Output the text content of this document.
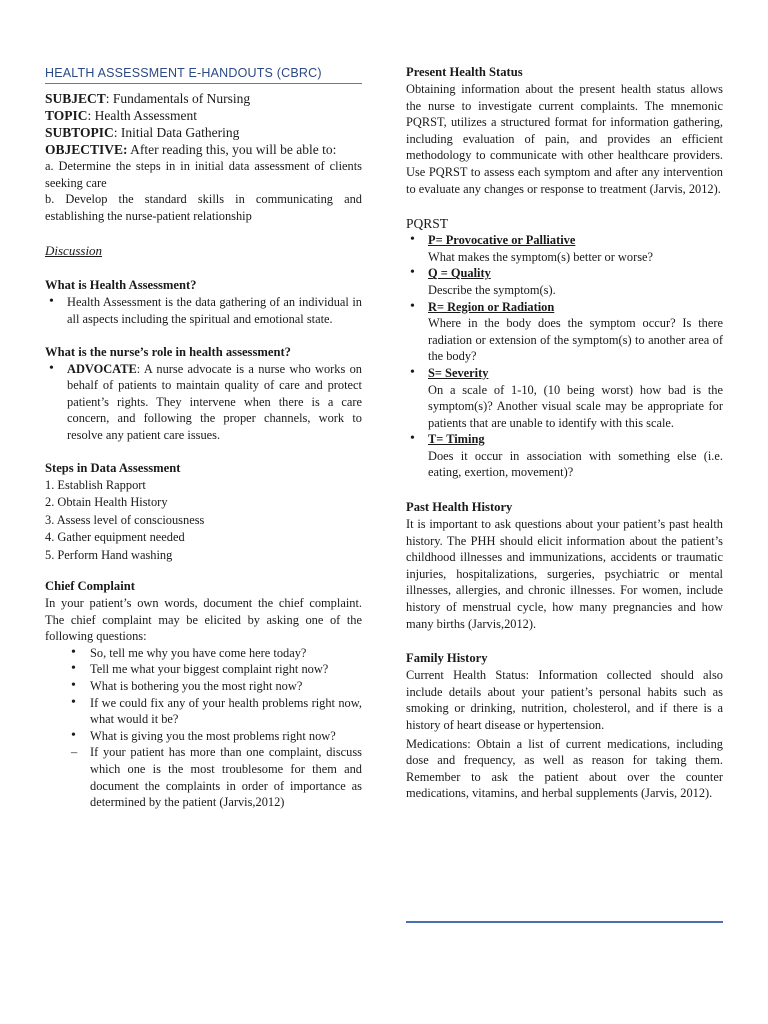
HEALTH ASSESSMENT E-HANDOUTS (CBRC)
SUBJECT: Fundamentals of Nursing
TOPIC: Health Assessment
SUBTOPIC: Initial Data Gathering
OBJECTIVE: After reading this, you will be able to:

a. Determine the steps in in initial data assessment of clients seeking care

b. Develop the standard skills in communicating and establishing the nurse-patient relationship

Discussion
What is Health Assessment?
• Health Assessment is the data gathering of an individual in all aspects including the spiritual and emotional state.
What is the nurse’s role in health assessment?
• ADVOCATE: A nurse advocate is a nurse who works on behalf of patients to maintain quality of care and protect patient’s rights. They intervene when there is a care concern, and following the proper channels, work to resolve any patient care issues.
Steps in Data Assessment
1. Establish Rapport
2. Obtain Health History
3. Assess level of consciousness
4. Gather equipment needed
5. Perform Hand washing
Chief Complaint

In your patient’s own words, document the chief complaint. The chief complaint may be elicited by asking one of the following questions:

• So, tell me why you have come here today?
• Tell me what your biggest complaint right now?
• What is bothering you the most right now?
• If we could fix any of your health problems right now, what would it be?
• What is giving you the most problems right now?
– If your patient has more than one complaint, discuss which one is the most troublesome for them and document the complaints in order of importance as determined by the patient (Jarvis,2012)
Present Health Status

Obtaining information about the present health status allows the nurse to investigate current complaints. The mnemonic PQRST, utilizes a structured format for information gathering, including evaluation of pain, and provides an efficient methodology to communicate with other healthcare providers. Use PQRST to assess each symptom and after any intervention to evaluate any changes or response to treatment (Jarvis, 2012).

PQRST
• P= Provocative or Palliative
What makes the symptom(s) better or worse?
• Q = Quality
Describe the symptom(s).
• R= Region or Radiation
Where in the body does the symptom occur? Is there radiation or extension of the symptom(s) to another area of the body?
• S= Severity
On a scale of 1-10, (10 being worst) how bad is the symptom(s)? Another visual scale may be appropriate for patients that are unable to identify with this scale.
• T= Timing
Does it occur in association with something else (i.e. eating, exertion, movement)?
Past Health History

It is important to ask questions about your patient’s past health history. The PHH should elicit information about the patient’s childhood illnesses and immunizations, accidents or traumatic injuries, hospitalizations, surgeries, psychiatric or mental illnesses, allergies, and chronic illnesses. For women, include history of menstrual cycle, how many pregnancies and how many births (Jarvis,2012).

Family History

Current Health Status: Information collected should also include details about your patient’s personal habits such as smoking or drinking, nutrition, cholesterol, and if there is a history of heart disease or hypertension.

Medications: Obtain a list of current medications, including dose and frequency, as well as reason for taking them. Remember to ask the patient about over the counter medications, vitamins, and herbal supplements (Jarvis, 2012).
